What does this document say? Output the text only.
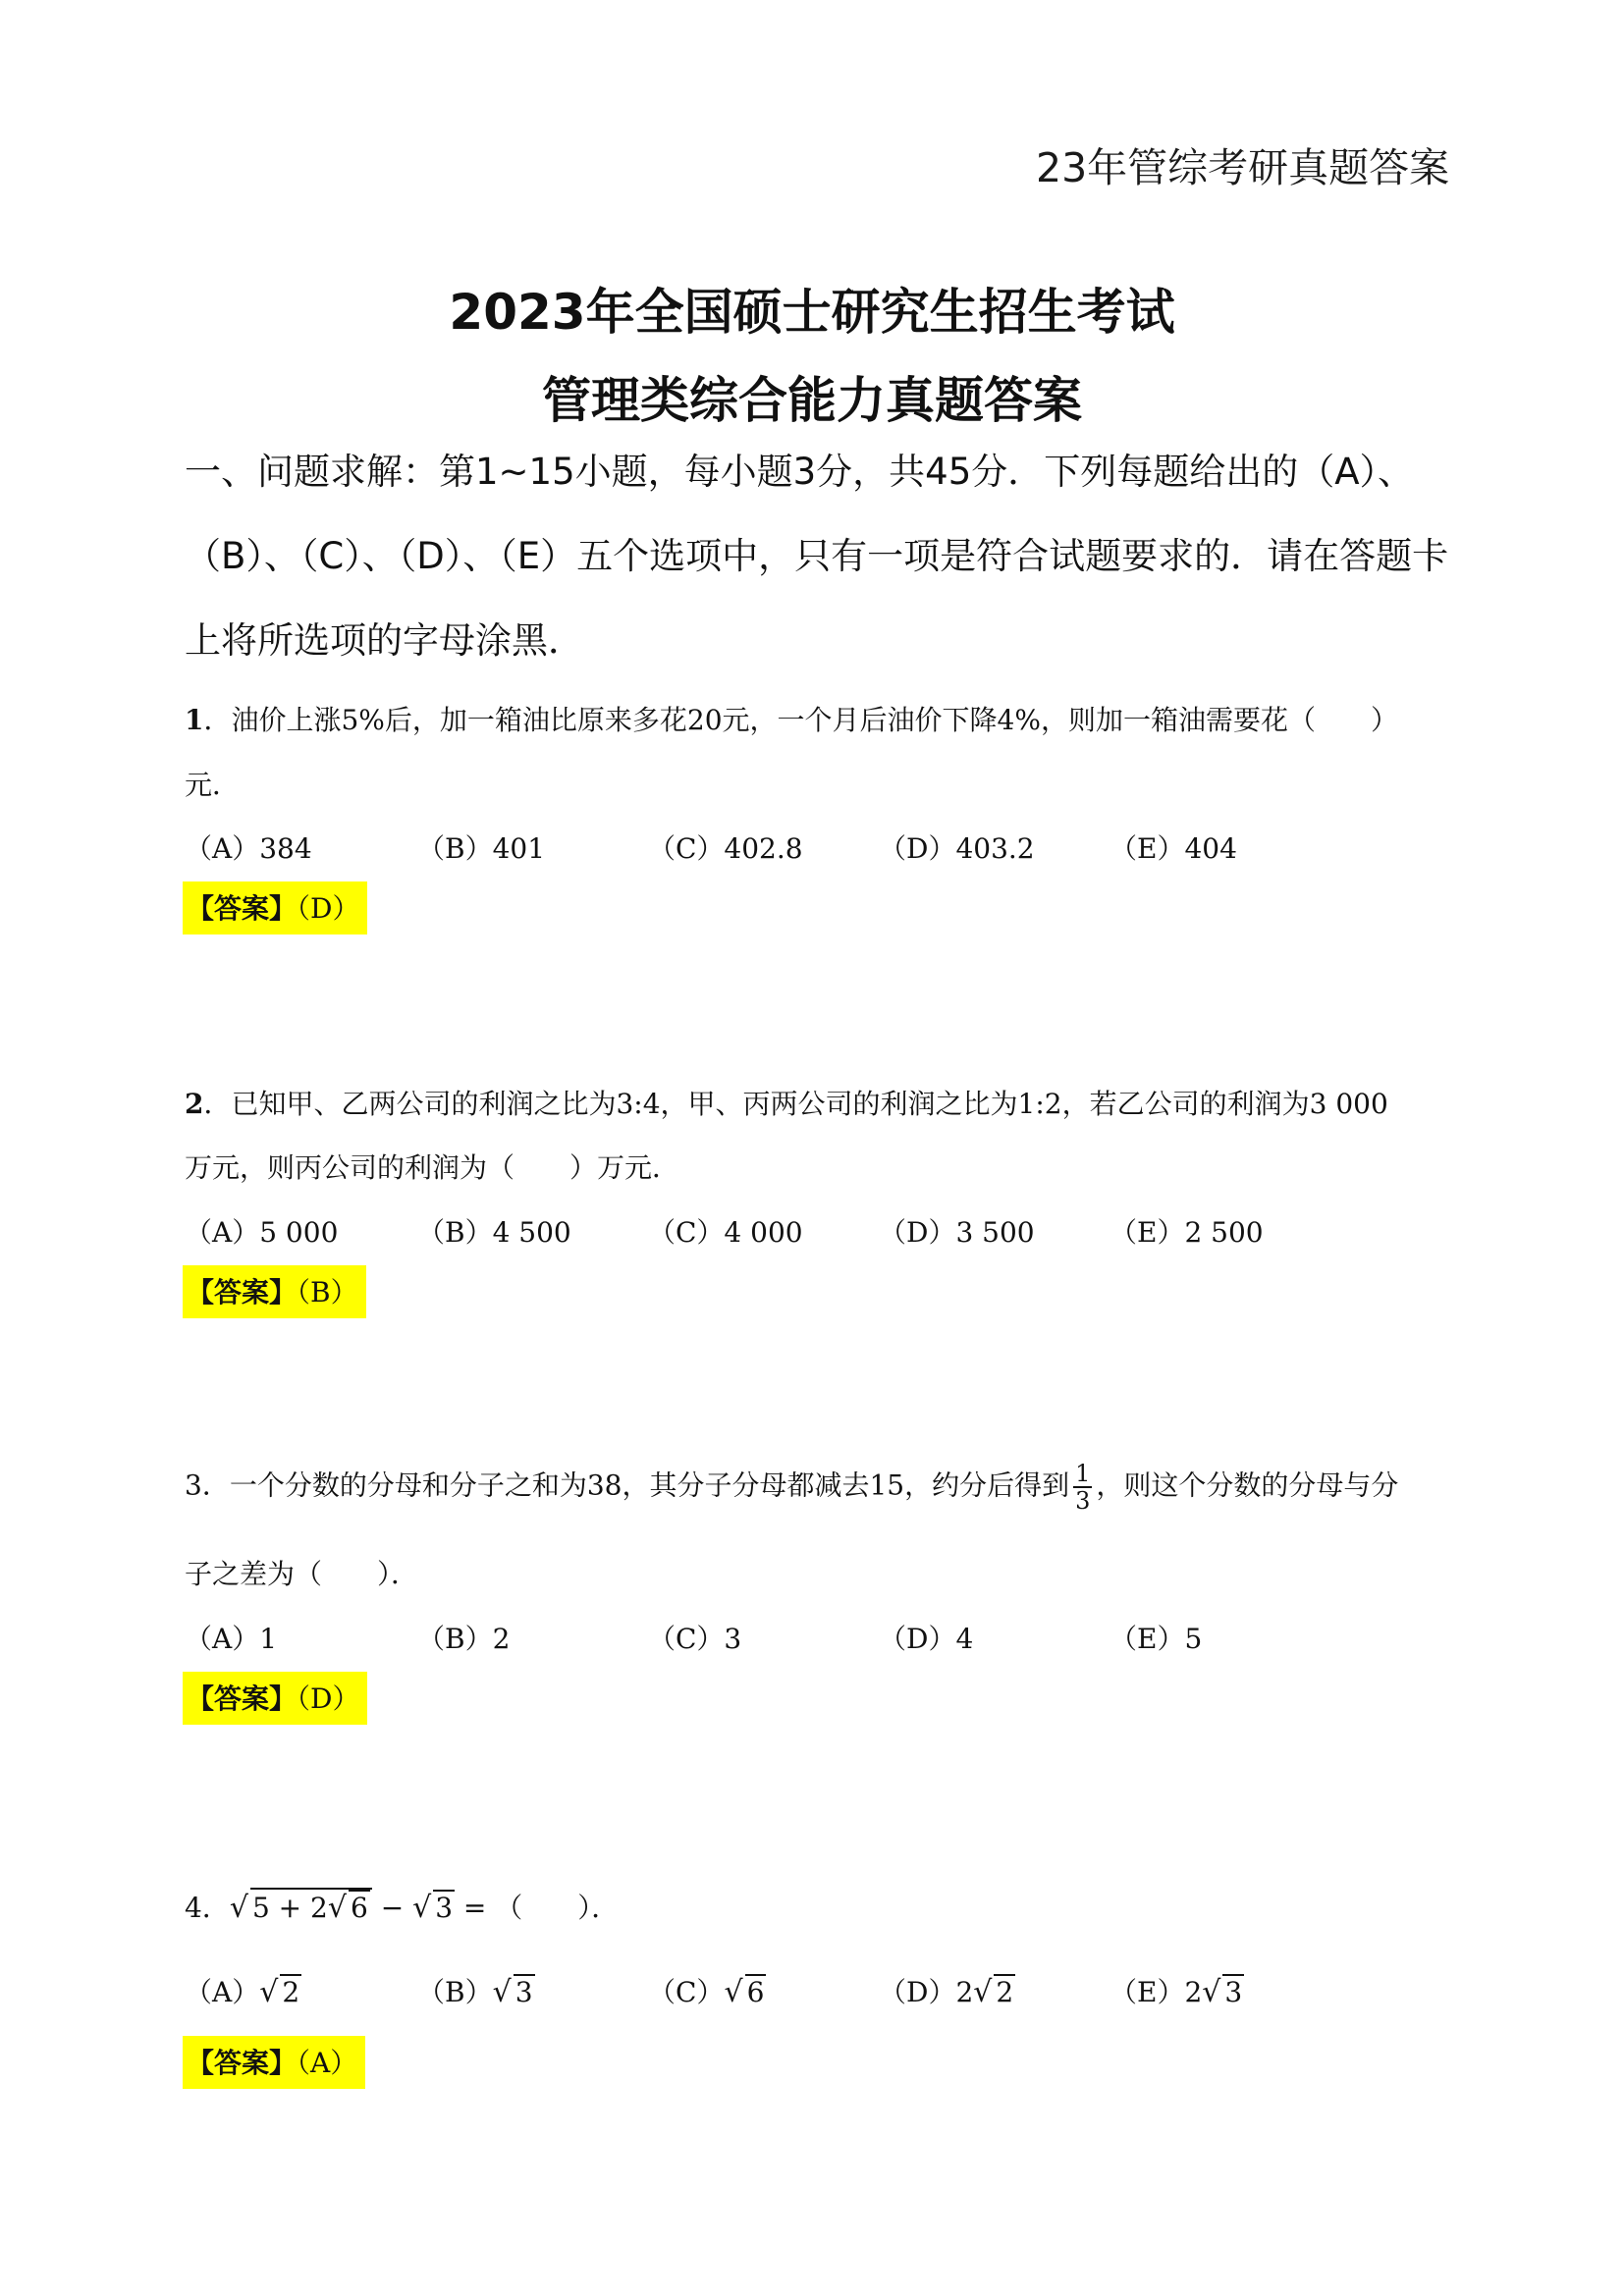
23年管综考研真题答案
2023年全国硕士研究生招生考试
管理类综合能力真题答案
一、问题求解：第1~15小题，每小题3分，共45分．下列每题给出的（A）、（B）、（C）、（D）、（E）五个选项中，只有一项是符合试题要求的．请在答题卡上将所选项的字母涂黑．
1．油价上涨5%后，加一箱油比原来多花20元，一个月后油价下降4%，则加一箱油需要花（　　）
元．
（A）384	（B）401	（C）402.8	（D）403.2	（E）404
【答案】（D）
2．已知甲、乙两公司的利润之比为3:4，甲、丙两公司的利润之比为1:2，若乙公司的利润为3 000
万元，则丙公司的利润为（　　）万元．
（A）5 000	（B）4 500	（C）4 000	（D）3 500	（E）2 500
【答案】（B）
3．一个分数的分母和分子之和为38，其分子分母都减去15，约分后得到 $\frac{1}{3}$ ，则这个分数的分母与分
子之差为（　　）．
（A）1	（B）2	（C）3	（D）4	（E）5
【答案】（D）
4．√ 5 + 2√ 6 − √ 3 = （　　）．
（A）√ 2	（B）√ 3	（C）√ 6	（D）2√ 2	（E）2√ 3
【答案】（A）
